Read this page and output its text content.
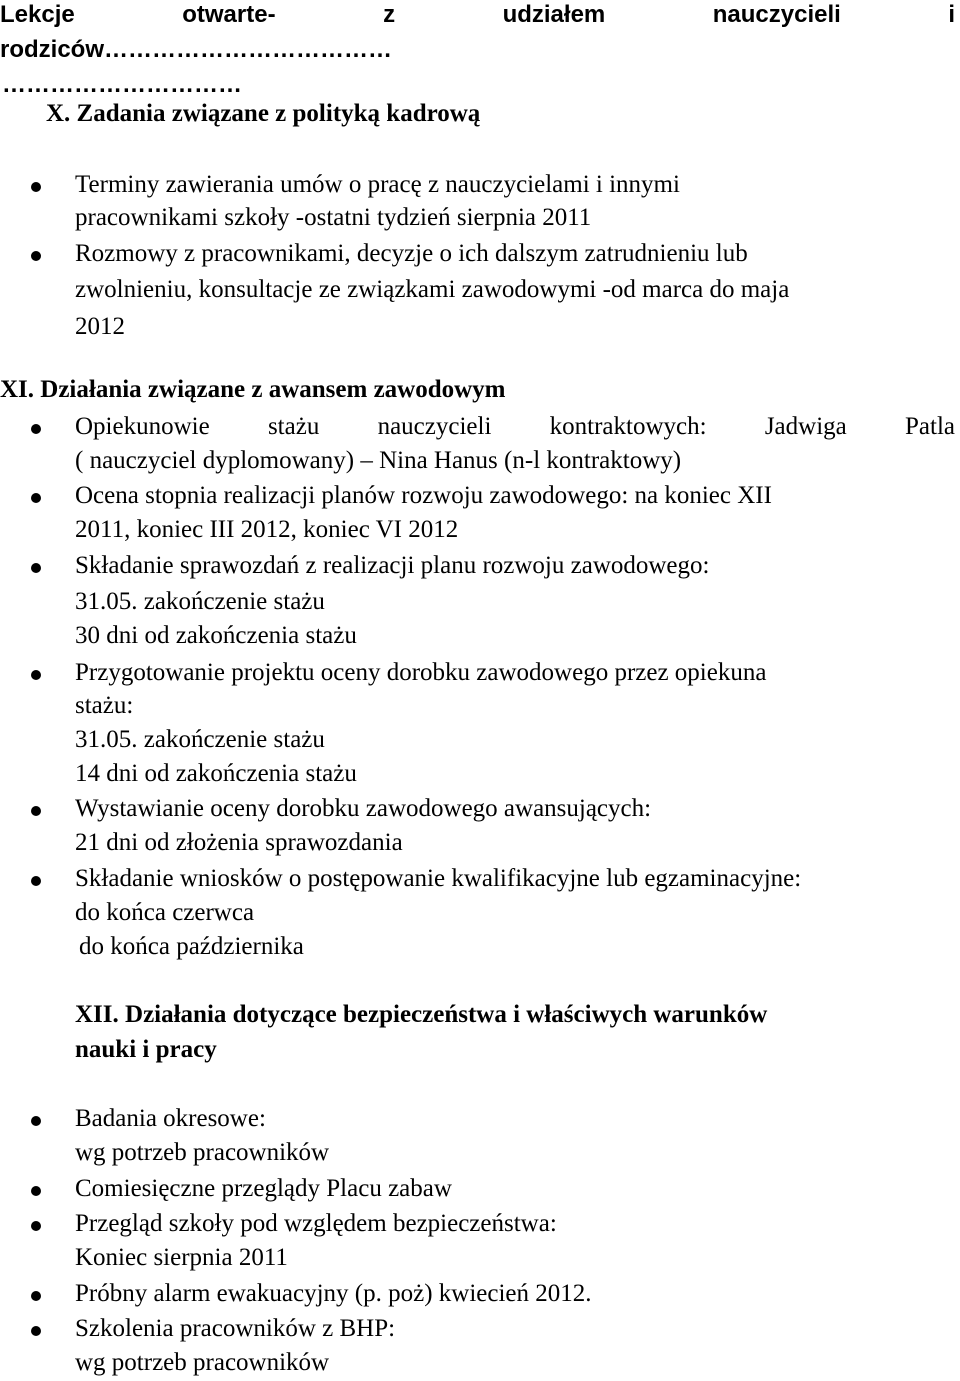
Lekcje	otwarte-	z	udziałem	nauczycieli	i
rodziców………………………………
…………………………
X. Zadania związane z polityką kadrową
Terminy zawierania umów o pracę z nauczycielami i innymi
pracownikami szkoły -ostatni tydzień sierpnia 2011
Rozmowy z pracownikami, decyzje o ich dalszym zatrudnieniu lub
zwolnieniu, konsultacje ze związkami zawodowymi -od marca do maja
2012
XI. Działania związane z awansem zawodowym
Opiekunowie stażu nauczycieli kontraktowych: Jadwiga Patla
( nauczyciel dyplomowany) – Nina Hanus (n-l kontraktowy)
Ocena stopnia realizacji planów rozwoju zawodowego: na koniec XII
2011, koniec III 2012, koniec VI 2012
Składanie sprawozdań z realizacji planu rozwoju zawodowego:
31.05. zakończenie stażu
30 dni od zakończenia stażu
Przygotowanie projektu oceny dorobku zawodowego przez opiekuna
stażu:
31.05. zakończenie stażu
14 dni od zakończenia stażu
Wystawianie oceny dorobku zawodowego awansujących:
21 dni od złożenia sprawozdania
Składanie wniosków o postępowanie kwalifikacyjne lub egzaminacyjne:
do końca czerwca
do końca października
XII. Działania dotyczące bezpieczeństwa i właściwych warunków
nauki i pracy
Badania okresowe:
wg potrzeb pracowników
Comiesięczne przeglądy Placu zabaw
Przegląd szkoły pod względem bezpieczeństwa:
Koniec sierpnia 2011
Próbny alarm ewakuacyjny (p. poż) kwiecień 2012.
Szkolenia pracowników z BHP:
wg potrzeb pracowników
